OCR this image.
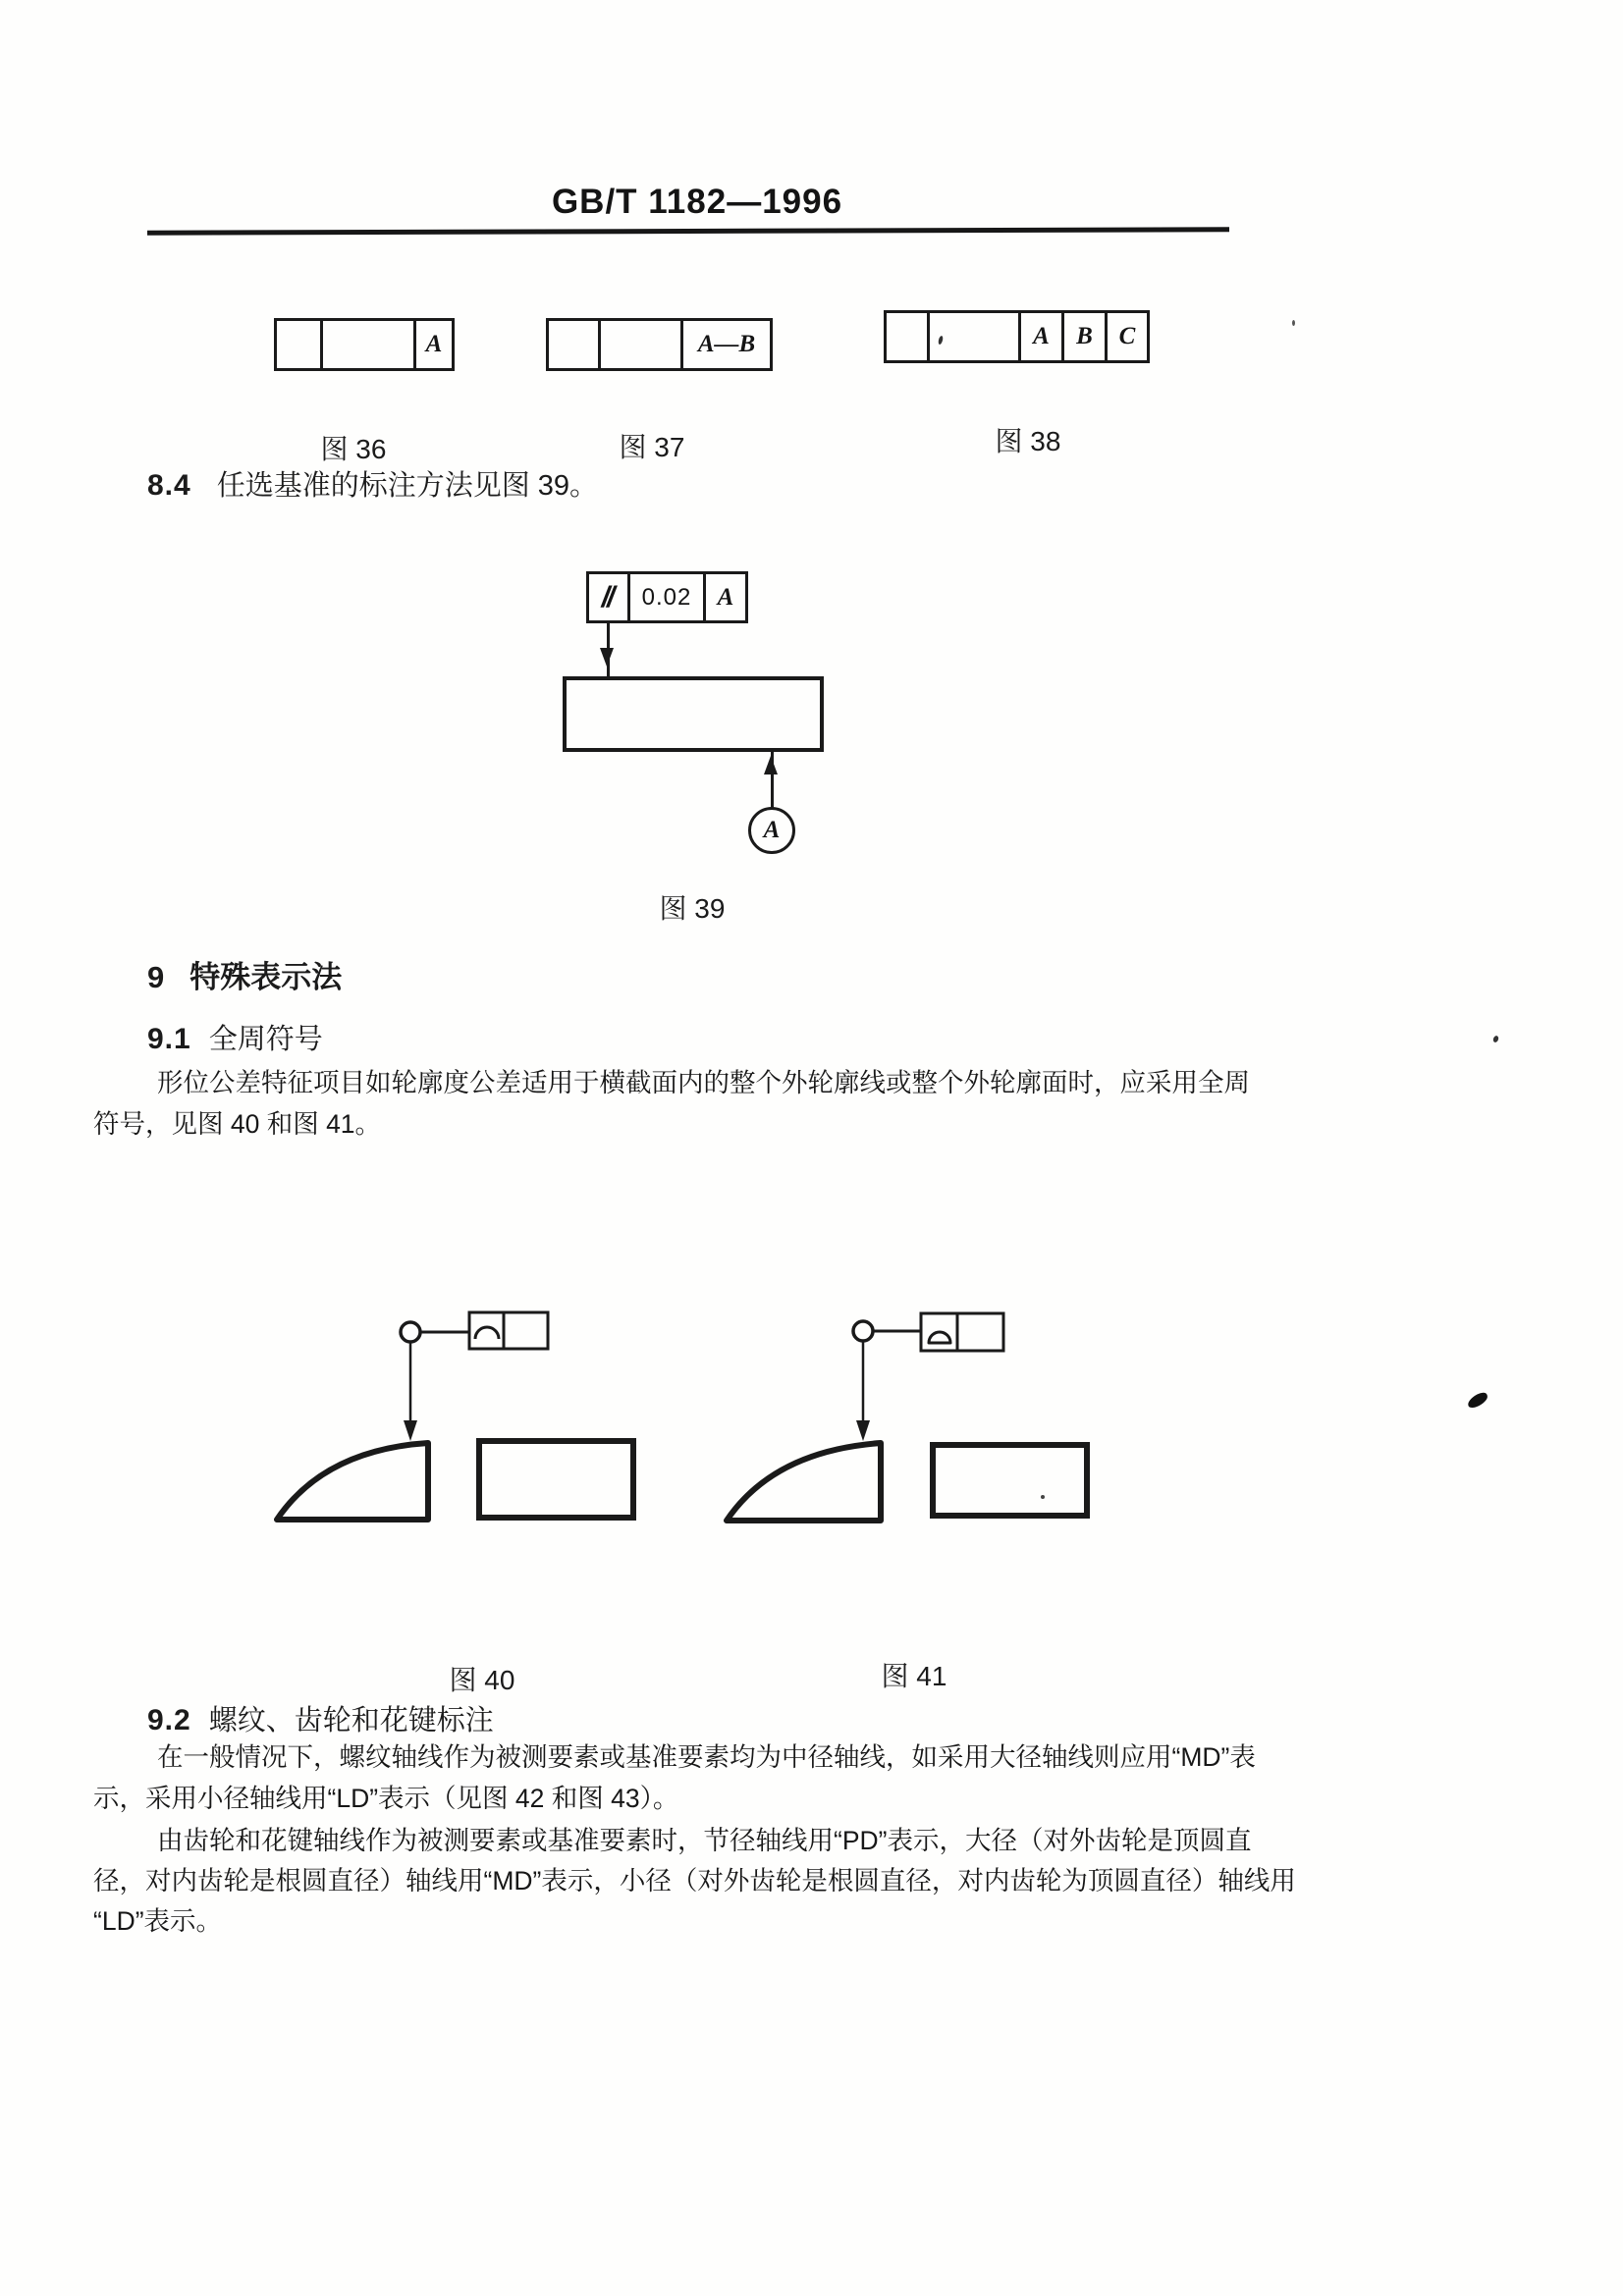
GB/T 1182—1996
A
图 36
A—B
图 37
A B C
图 38
8.4 任选基准的标注方法见图 39。
// 0.02 A
A
图 39
9 特殊表示法
9.1 全周符号
形位公差特征项目如轮廓度公差适用于横截面内的整个外轮廓线或整个外轮廓面时，应采用全周
符号，见图 40 和图 41。
图 40	图 41
9.2 螺纹、齿轮和花键标注
在一般情况下，螺纹轴线作为被测要素或基准要素均为中径轴线，如采用大径轴线则应用“MD”表
示，采用小径轴线用“LD”表示（见图 42 和图 43）。
由齿轮和花键轴线作为被测要素或基准要素时，节径轴线用“PD”表示，大径（对外齿轮是顶圆直
径，对内齿轮是根圆直径）轴线用“MD”表示，小径（对外齿轮是根圆直径，对内齿轮为顶圆直径）轴线用
“LD”表示。
